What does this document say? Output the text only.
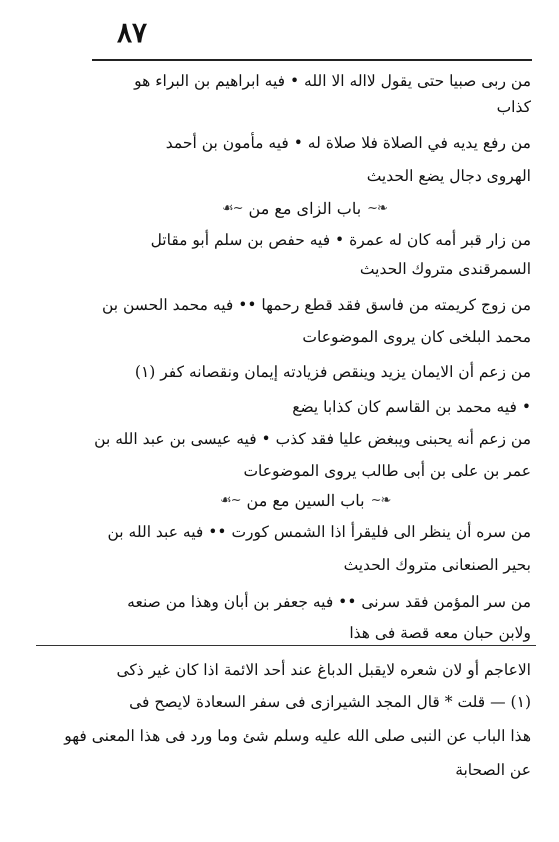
٨٧
من ربى صبيا حتى يقول لااله الا الله • فيه ابراهيم بن البراء هو
كذاب
من رفع يديه في الصلاة فلا صلاة له • فيه مأمون بن أحمد
الهروى دجال يضع الحديث
❧~
باب الزاى مع من
~☙
من زار قبر أمه كان له عمرة • فيه حفص بن سلم أبو مقاتل
السمرقندى متروك الحديث
من زوج كريمته من فاسق فقد قطع رحمها •• فيه محمد الحسن بن
محمد البلخى كان يروى الموضوعات
من زعم أن الايمان يزيد وينقص فزيادته إيمان ونقصانه كفر (١)
• فيه محمد بن القاسم كان كذابا يضع
من زعم أنه يحبنى ويبغض عليا فقد كذب • فيه عيسى بن عبد الله بن
عمر بن على بن أبى طالب يروى الموضوعات
❧~
باب السين مع من
~☙
من سره أن ينظر الى فليقرأ اذا الشمس كورت •• فيه عبد الله بن
بحير الصنعانى متروك الحديث
من سر المؤمن فقد سرنى •• فيه جعفر بن أبان وهذا من صنعه
ولابن حبان معه قصة فى هذا
الاعاجم أو لان شعره لايقبل الدباغ عند أحد الائمة اذا كان غير ذكى
(١) — قلت * قال المجد الشيرازى فى سفر السعادة لايصح فى
هذا الباب عن النبى صلى الله عليه وسلم شئ وما ورد فى هذا المعنى فهو
عن الصحابة
